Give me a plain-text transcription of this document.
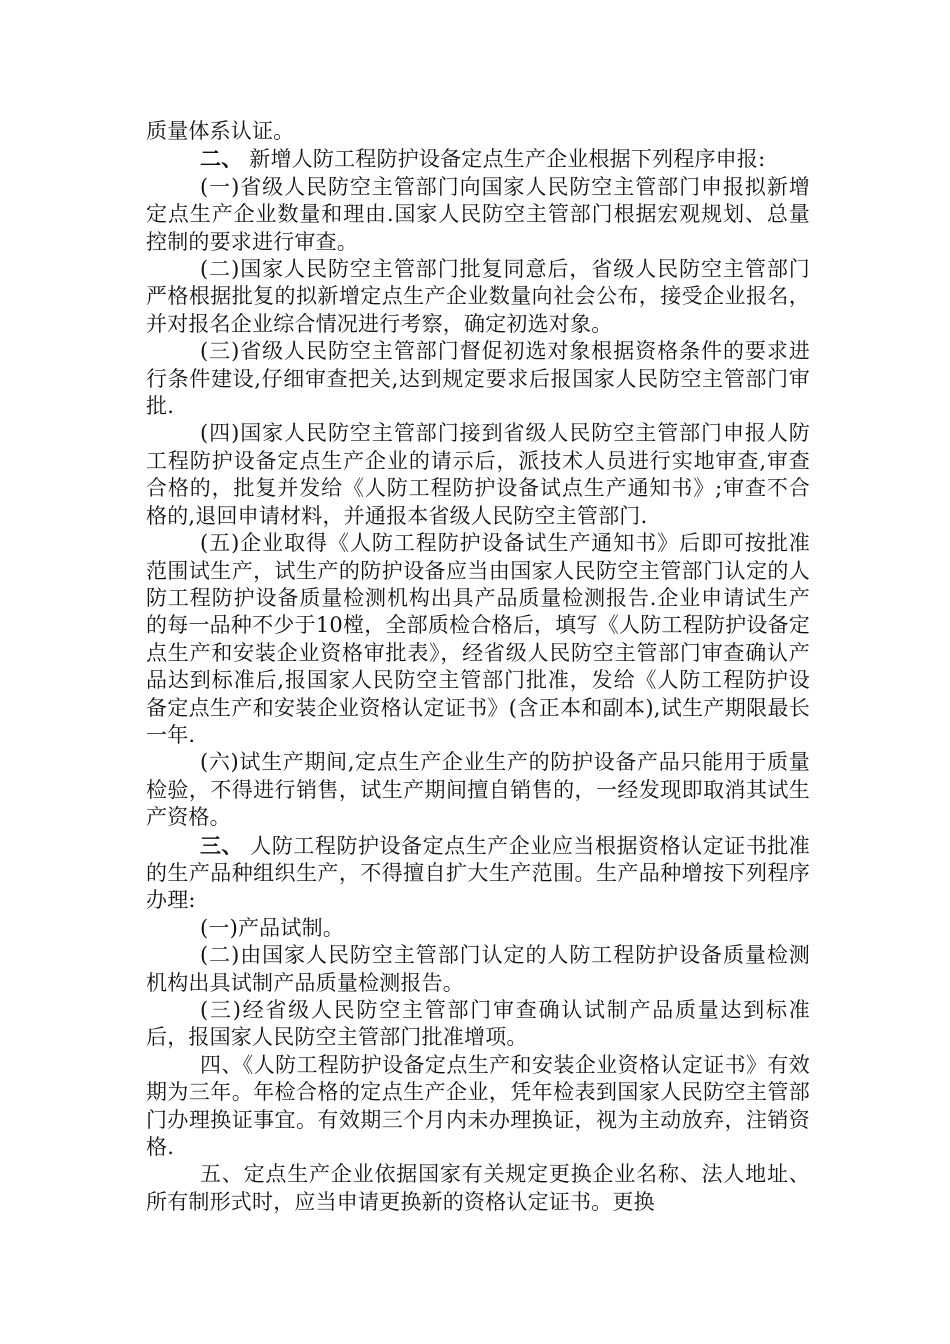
质量体系认证。

二、 新增人防工程防护设备定点生产企业根据下列程序申报:

(一)省级人民防空主管部门向国家人民防空主管部门申报拟新增定点生产企业数量和理由.国家人民防空主管部门根据宏观规划、总量控制的要求进行审查。

(二)国家人民防空主管部门批复同意后，省级人民防空主管部门严格根据批复的拟新增定点生产企业数量向社会公布，接受企业报名，并对报名企业综合情况进行考察，确定初选对象。

(三)省级人民防空主管部门督促初选对象根据资格条件的要求进行条件建设,仔细审查把关,达到规定要求后报国家人民防空主管部门审批.

(四)国家人民防空主管部门接到省级人民防空主管部门申报人防工程防护设备定点生产企业的请示后，派技术人员进行实地审查,审查合格的，批复并发给《人防工程防护设备试点生产通知书》;审查不合格的,退回申请材料，并通报本省级人民防空主管部门.

(五)企业取得《人防工程防护设备试生产通知书》后即可按批准范围试生产，试生产的防护设备应当由国家人民防空主管部门认定的人防工程防护设备质量检测机构出具产品质量检测报告.企业申请试生产的每一品种不少于10樘，全部质检合格后，填写《人防工程防护设备定点生产和安装企业资格审批表》，经省级人民防空主管部门审查确认产品达到标准后,报国家人民防空主管部门批准，发给《人防工程防护设备定点生产和安装企业资格认定证书》(含正本和副本),试生产期限最长一年.

(六)试生产期间,定点生产企业生产的防护设备产品只能用于质量检验，不得进行销售，试生产期间擅自销售的，一经发现即取消其试生产资格。

三、 人防工程防护设备定点生产企业应当根据资格认定证书批准的生产品种组织生产，不得擅自扩大生产范围。生产品种增按下列程序办理:

(一)产品试制。

(二)由国家人民防空主管部门认定的人防工程防护设备质量检测机构出具试制产品质量检测报告。

(三)经省级人民防空主管部门审查确认试制产品质量达到标准后，报国家人民防空主管部门批准增项。

四、《人防工程防护设备定点生产和安装企业资格认定证书》有效期为三年。年检合格的定点生产企业，凭年检表到国家人民防空主管部门办理换证事宜。有效期三个月内未办理换证，视为主动放弃，注销资格.

五、定点生产企业依据国家有关规定更换企业名称、法人地址、所有制形式时，应当申请更换新的资格认定证书。更换
